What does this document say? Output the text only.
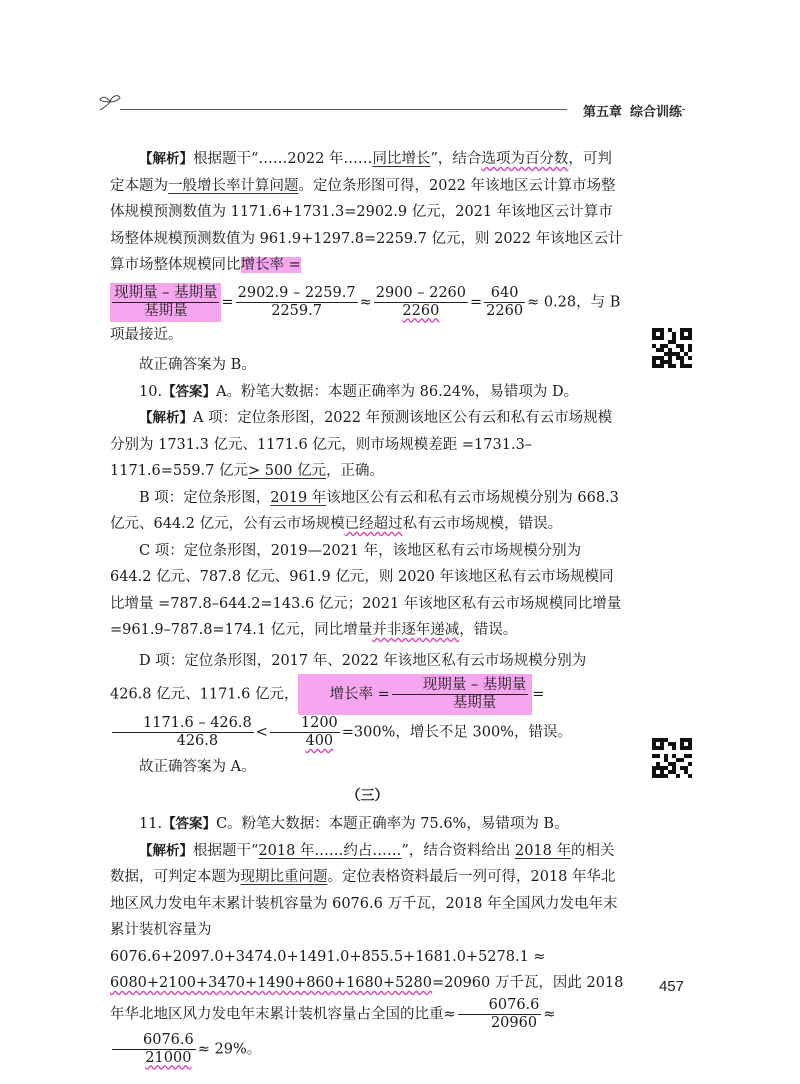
第五章 综合训练

【解析】根据题干“……2022 年……同比增长”，结合选项为百分数，可判定本题为一般增长率计算问题。定位条形图可得，2022 年该地区云计算市场整体规模预测数值为 1171.6+1731.3=2902.9 亿元，2021 年该地区云计算市场整体规模预测数值为 961.9+1297.8=2259.7 亿元，则 2022 年该地区云计算市场整体规模同比增长率 =

$\frac{\text{现期量 – 基期量}}{\text{基期量}} = \frac{2902.9 - 2259.7}{2259.7} \approx \frac{2900 - 2260}{2260} = \frac{640}{2260} \approx 0.28$，与 B 项最接近。

故正确答案为 B。

10.【答案】A。粉笔大数据：本题正确率为 86.24%，易错项为 D。

【解析】A 项：定位条形图，2022 年预测该地区公有云和私有云市场规模分别为 1731.3 亿元、1171.6 亿元，则市场规模差距 =1731.3–1171.6=559.7 亿元> 500 亿元，正确。

B 项：定位条形图，2019 年该地区公有云和私有云市场规模分别为 668.3 亿元、644.2 亿元，公有云市场规模已经超过私有云市场规模，错误。

C 项：定位条形图，2019—2021 年，该地区私有云市场规模分别为 644.2 亿元、787.8 亿元、961.9 亿元，则 2020 年该地区私有云市场规模同比增量 =787.8–644.2=143.6 亿元；2021 年该地区私有云市场规模同比增量 =961.9–787.8=174.1 亿元，同比增量并非逐年递减，错误。

D 项：定位条形图，2017 年、2022 年该地区私有云市场规模分别为 426.8 亿元、1171.6 亿元， 增长率 = $\frac{\text{现期量 – 基期量}}{\text{基期量}}$ =
$\frac{1171.6 - 426.8}{426.8} < \frac{1200}{400} =300\%$，增长不足 300%，错误。

故正确答案为 A。

（三）

11.【答案】C。粉笔大数据：本题正确率为 75.6%，易错项为 B。

【解析】根据题干“2018 年……约占……”，结合资料给出 2018 年的相关数据，可判定本题为现期比重问题。定位表格资料最后一列可得，2018 年华北地区风力发电年末累计装机容量为 6076.6 万千瓦，2018 年全国风力发电年末累计装机容量为 6076.6+2097.0+3474.0+1491.0+855.5+1681.0+5278.1 ≈ 6080+2100+3470+1490+860+1680+5280=20960 万千瓦，因此 2018 年华北地区风力发电年末累计装机容量占全国的比重≈ $\frac{6076.6}{20960}$ ≈
$\frac{6076.6}{21000} \approx 29\%$。

457
